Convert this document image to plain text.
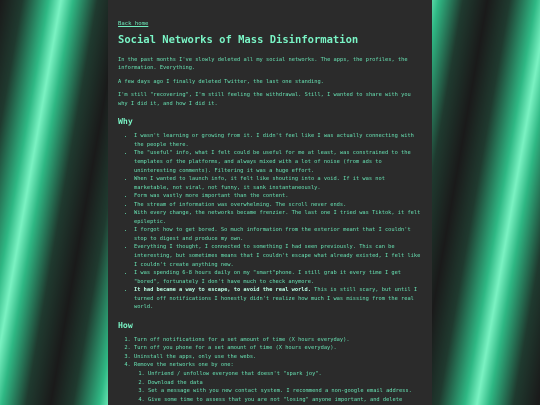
Back home
Social Networks of Mass Disinformation

In the past months I've slowly deleted all my social networks. The apps, the profiles, the information. Everything.

A few days ago I finally deleted Twitter, the last one standing.

I'm still "recovering", I'm still feeling the withdrawal. Still, I wanted to share with you why I did it, and how I did it.

Why
• I wasn't learning or growing from it. I didn't feel like I was actually connecting with the people there.
• The "useful" info, what I felt could be useful for me at least, was constrained to the templates of the platforms, and always mixed with a lot of noise (from ads to uninteresting comments). Filtering it was a huge effort.
• When I wanted to launch info, it felt like shouting into a void. If it was not marketable, not viral, not funny, it sank instantaneously.
• Form was vastly more important than the content.
• The stream of information was overwhelming. The scroll never ends.
• With every change, the networks became frenzier. The last one I tried was Tiktok, it felt epileptic.
• I forgot how to get bored. So much information from the exterior meant that I couldn't stop to digest and produce my own.
• Everything I thought, I connected to something I had seen previously. This can be interesting, but sometimes means that I couldn't escape what already existed, I felt like I couldn't create anything new.
• I was spending 6-8 hours daily on my "smart"phone. I still grab it every time I get "bored", fortunately I don't have much to check anymore.
• It had became a way to escape, to avoid the real world. This is still scary, but until I turned off notifications I honestly didn't realize how much I was missing from the real world.
How
1. Turn off notifications for a set amount of time (X hours everyday).
2. Turn off you phone for a set amount of time (X hours everyday).
3. Uninstall the apps, only use the webs.
4. Remove the networks one by one:
1. Unfriend / unfollow everyone that doesn't "spark joy".
2. Download the data
3. Set a message with you new contact system. I recommend a non-google email address.
4. Give some time to assess that you are not "losing" anyone important, and delete
